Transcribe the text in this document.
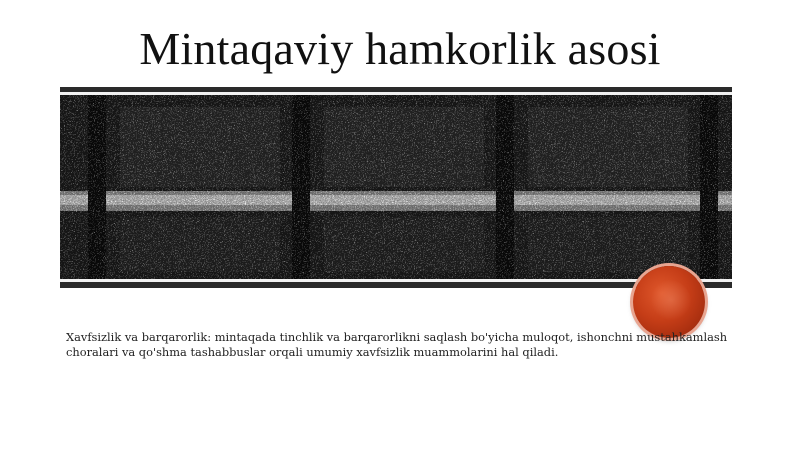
Mintaqaviy hamkorlik asosi
Xavfsizlik va barqarorlik: mintaqada tinchlik va barqarorlikni saqlash bo'yicha muloqot, ishonchni mustahkamlash choralari va qo'shma tashabbuslar orqali umumiy xavfsizlik muammolarini hal qiladi.
